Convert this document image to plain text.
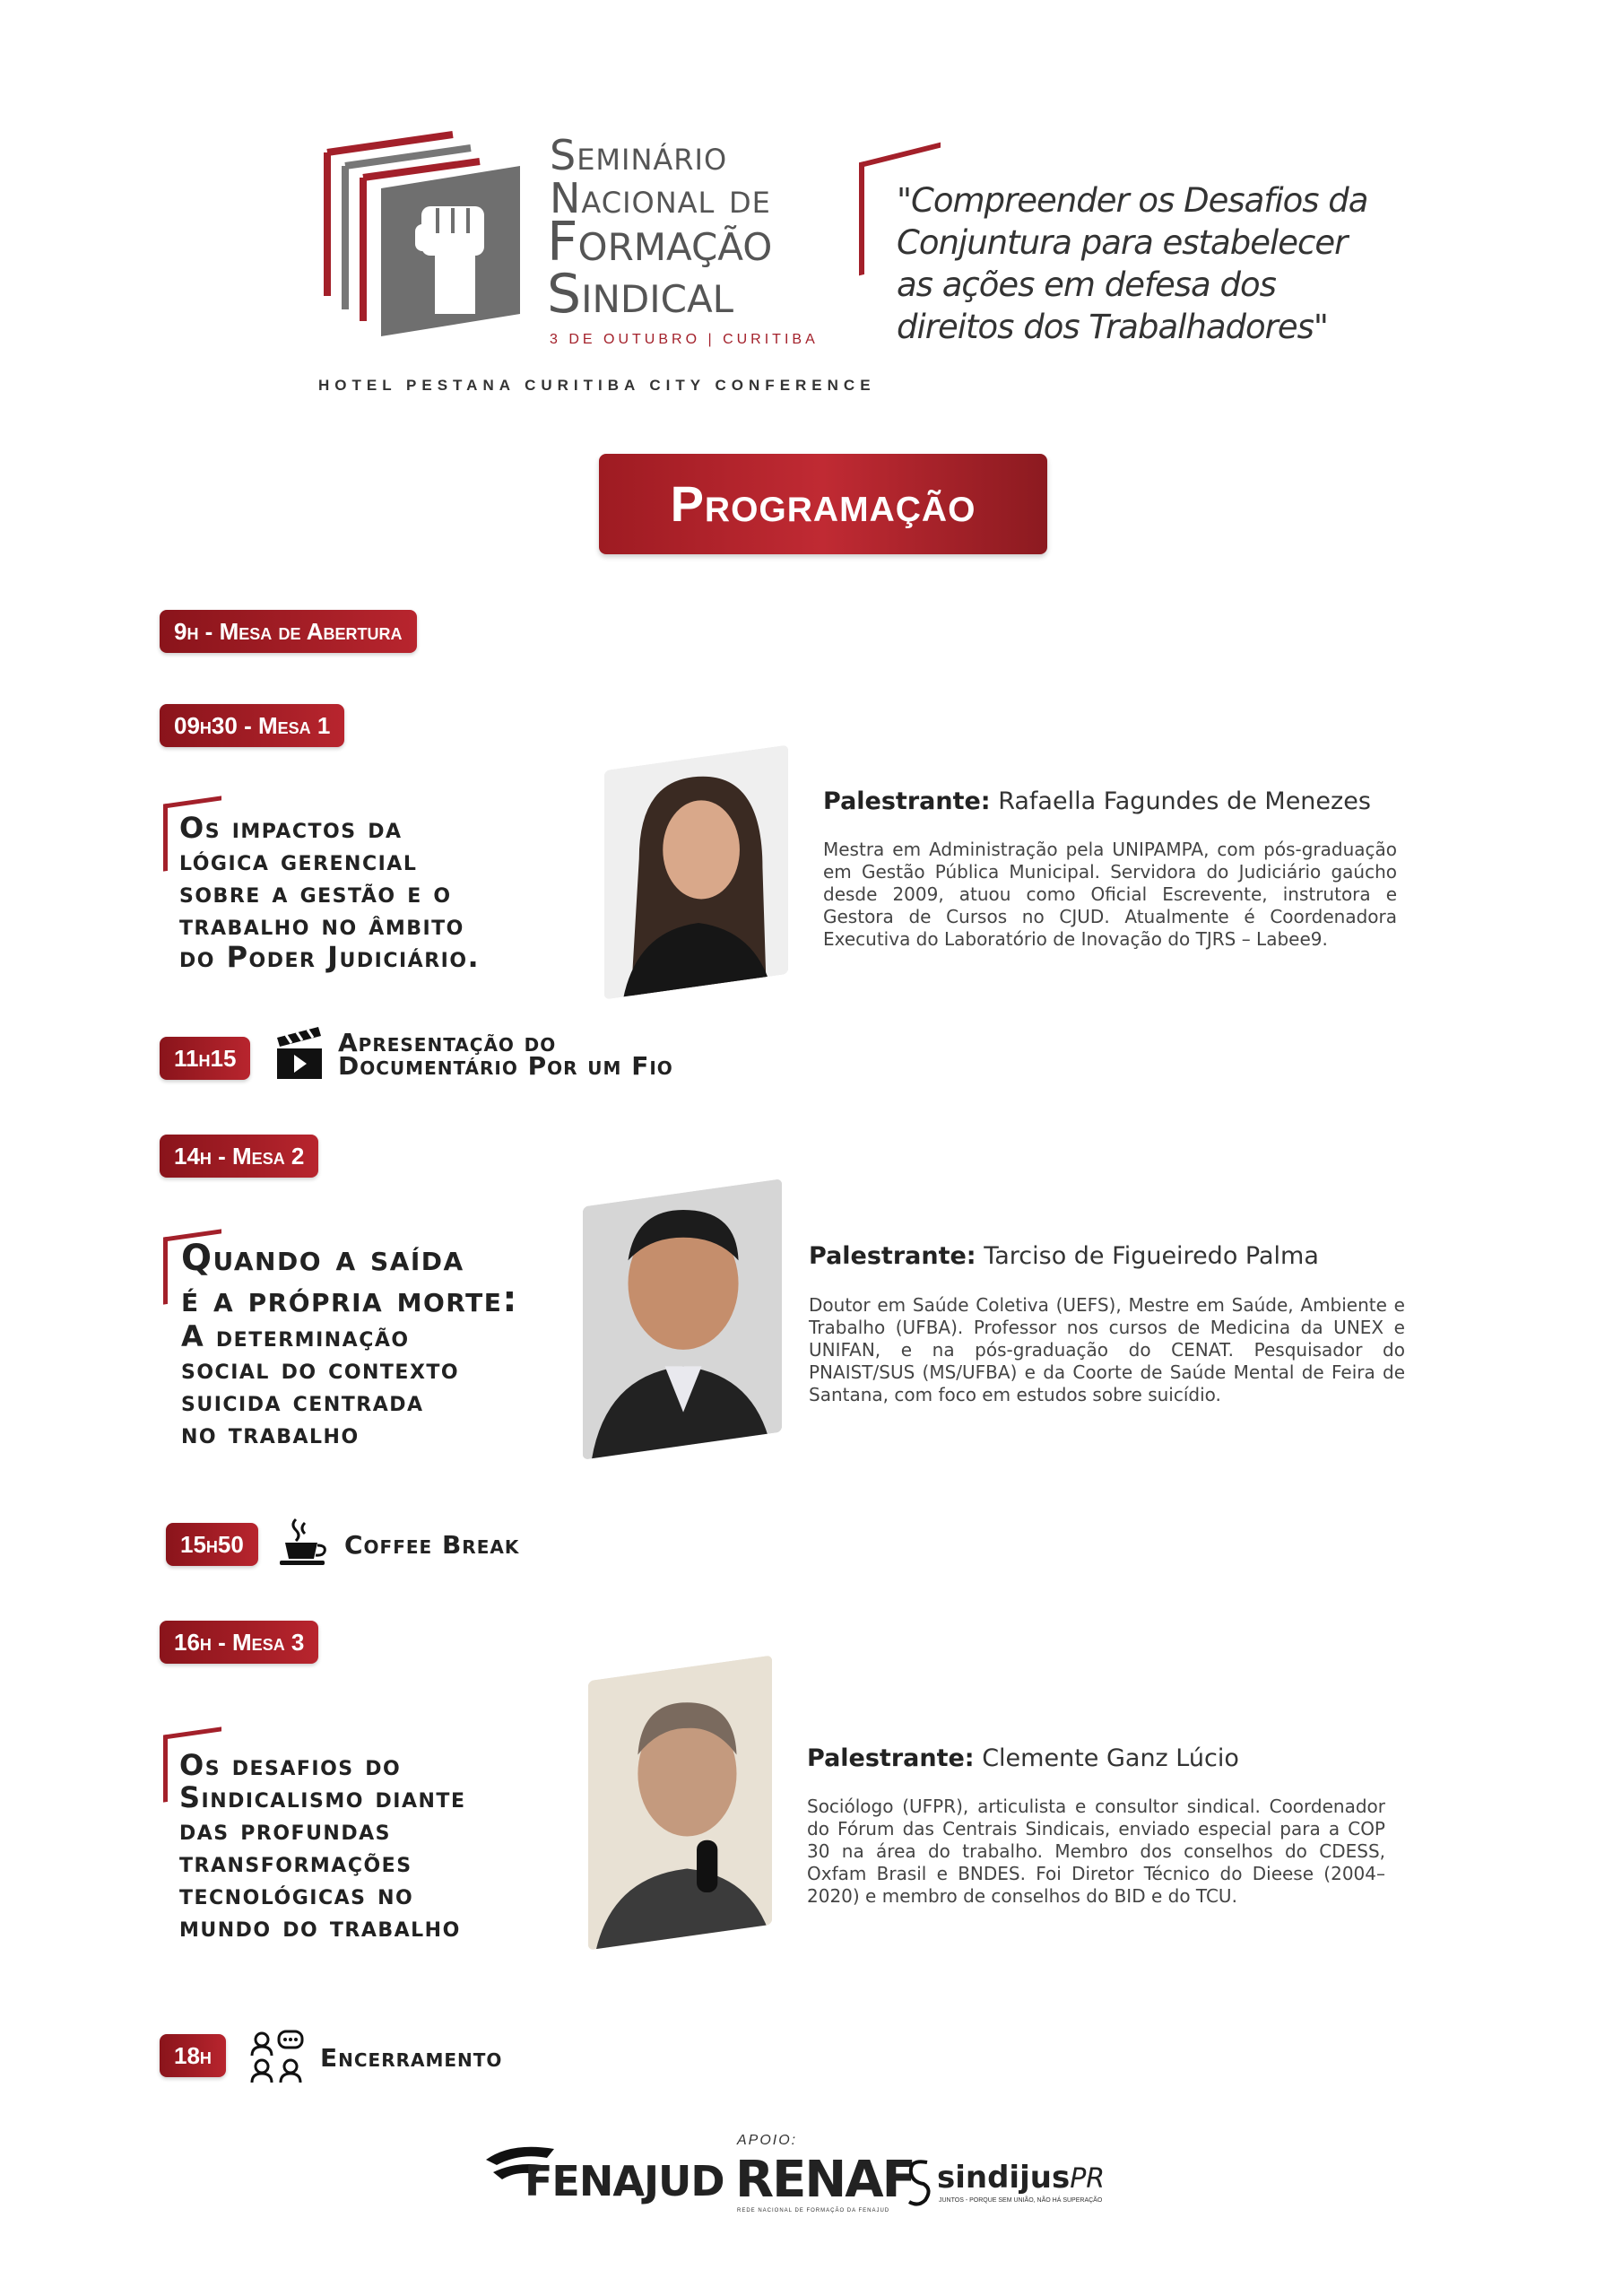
Seminário
Nacional de
Formação
Sindical
3 DE OUTUBRO | CURITIBA
HOTEL PESTANA CURITIBA CITY CONFERENCE
"Compreender os Desafios da
Conjuntura para estabelecer
as ações em defesa dos
direitos dos Trabalhadores"
Programação
9h - Mesa de Abertura
09h30 - Mesa 1
Os impactos da
lógica gerencial
sobre a gestão e o
trabalho no âmbito
do Poder Judiciário.
Palestrante: Rafaella Fagundes de Menezes
Mestra em Administração pela UNIPAMPA, com pós-graduação em Gestão Pública Municipal. Servidora do Judiciário gaúcho desde 2009, atuou como Oficial Escrevente, instrutora e Gestora de Cursos no CJUD. Atualmente é Coordenadora Executiva do Laboratório de Inovação do TJRS – Labee9.
11h15
Apresentação do
Documentário Por um Fio
14h - Mesa 2
Quando a saída
é a própria morte:
A determinação
social do contexto
suicida centrada
no trabalho
Palestrante: Tarciso de Figueiredo Palma
Doutor em Saúde Coletiva (UEFS), Mestre em Saúde, Ambiente e Trabalho (UFBA). Professor nos cursos de Medicina da UNEX e UNIFAN, e na pós-graduação do CENAT. Pesquisador do PNAIST/SUS (MS/UFBA) e da Coorte de Saúde Mental de Feira de Santana, com foco em estudos sobre suicídio.
15h50	Coffee Break
16h - Mesa 3
Os desafios do
Sindicalismo diante
das profundas
transformações
tecnológicas no
mundo do trabalho
Palestrante: Clemente Ganz Lúcio
Sociólogo (UFPR), articulista e consultor sindical. Coordenador do Fórum das Centrais Sindicais, enviado especial para a COP 30 na área do trabalho. Membro dos conselhos do CDESS, Oxfam Brasil e BNDES. Foi Diretor Técnico do Dieese (2004–2020) e membro de conselhos do BID e do TCU.
18h	Encerramento
FENAJUD
APOIO:
RENAF
REDE NACIONAL DE FORMAÇÃO DA FENAJUD
sindijusPR
JUNTOS - PORQUE SEM UNIÃO, NÃO HÁ SUPERAÇÃO
